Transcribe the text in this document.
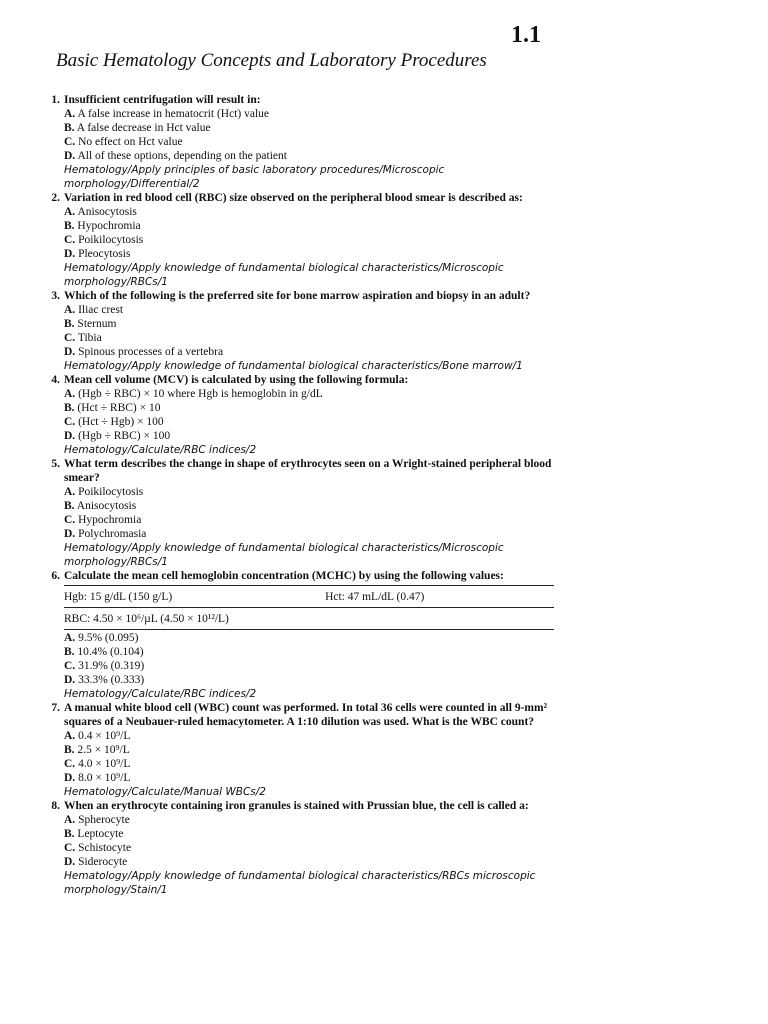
1.1
Basic Hematology Concepts and Laboratory Procedures
1. Insufficient centrifugation will result in:
A. A false increase in hematocrit (Hct) value
B. A false decrease in Hct value
C. No effect on Hct value
D. All of these options, depending on the patient
Hematology/Apply principles of basic laboratory procedures/Microscopic morphology/Differential/2
2. Variation in red blood cell (RBC) size observed on the peripheral blood smear is described as:
A. Anisocytosis
B. Hypochromia
C. Poikilocytosis
D. Pleocytosis
Hematology/Apply knowledge of fundamental biological characteristics/Microscopic morphology/RBCs/1
3. Which of the following is the preferred site for bone marrow aspiration and biopsy in an adult?
A. Iliac crest
B. Sternum
C. Tibia
D. Spinous processes of a vertebra
Hematology/Apply knowledge of fundamental biological characteristics/Bone marrow/1
4. Mean cell volume (MCV) is calculated by using the following formula:
A. (Hgb ÷ RBC) × 10 where Hgb is hemoglobin in g/dL
B. (Hct ÷ RBC) × 10
C. (Hct ÷ Hgb) × 100
D. (Hgb ÷ RBC) × 100
Hematology/Calculate/RBC indices/2
5. What term describes the change in shape of erythrocytes seen on a Wright-stained peripheral blood smear?
A. Poikilocytosis
B. Anisocytosis
C. Hypochromia
D. Polychromasia
Hematology/Apply knowledge of fundamental biological characteristics/Microscopic morphology/RBCs/1
6. Calculate the mean cell hemoglobin concentration (MCHC) by using the following values:
Hgb: 15 g/dL (150 g/L)	Hct: 47 mL/dL (0.47)
RBC: 4.50 × 10⁶/µL (4.50 × 10¹²/L)
A. 9.5% (0.095)
B. 10.4% (0.104)
C. 31.9% (0.319)
D. 33.3% (0.333)
Hematology/Calculate/RBC indices/2
7. A manual white blood cell (WBC) count was performed. In total 36 cells were counted in all 9-mm² squares of a Neubauer-ruled hemacytometer. A 1:10 dilution was used. What is the WBC count?
A. 0.4 × 10⁹/L
B. 2.5 × 10⁹/L
C. 4.0 × 10⁹/L
D. 8.0 × 10⁹/L
Hematology/Calculate/Manual WBCs/2
8. When an erythrocyte containing iron granules is stained with Prussian blue, the cell is called a:
A. Spherocyte
B. Leptocyte
C. Schistocyte
D. Siderocyte
Hematology/Apply knowledge of fundamental biological characteristics/RBCs microscopic morphology/Stain/1
